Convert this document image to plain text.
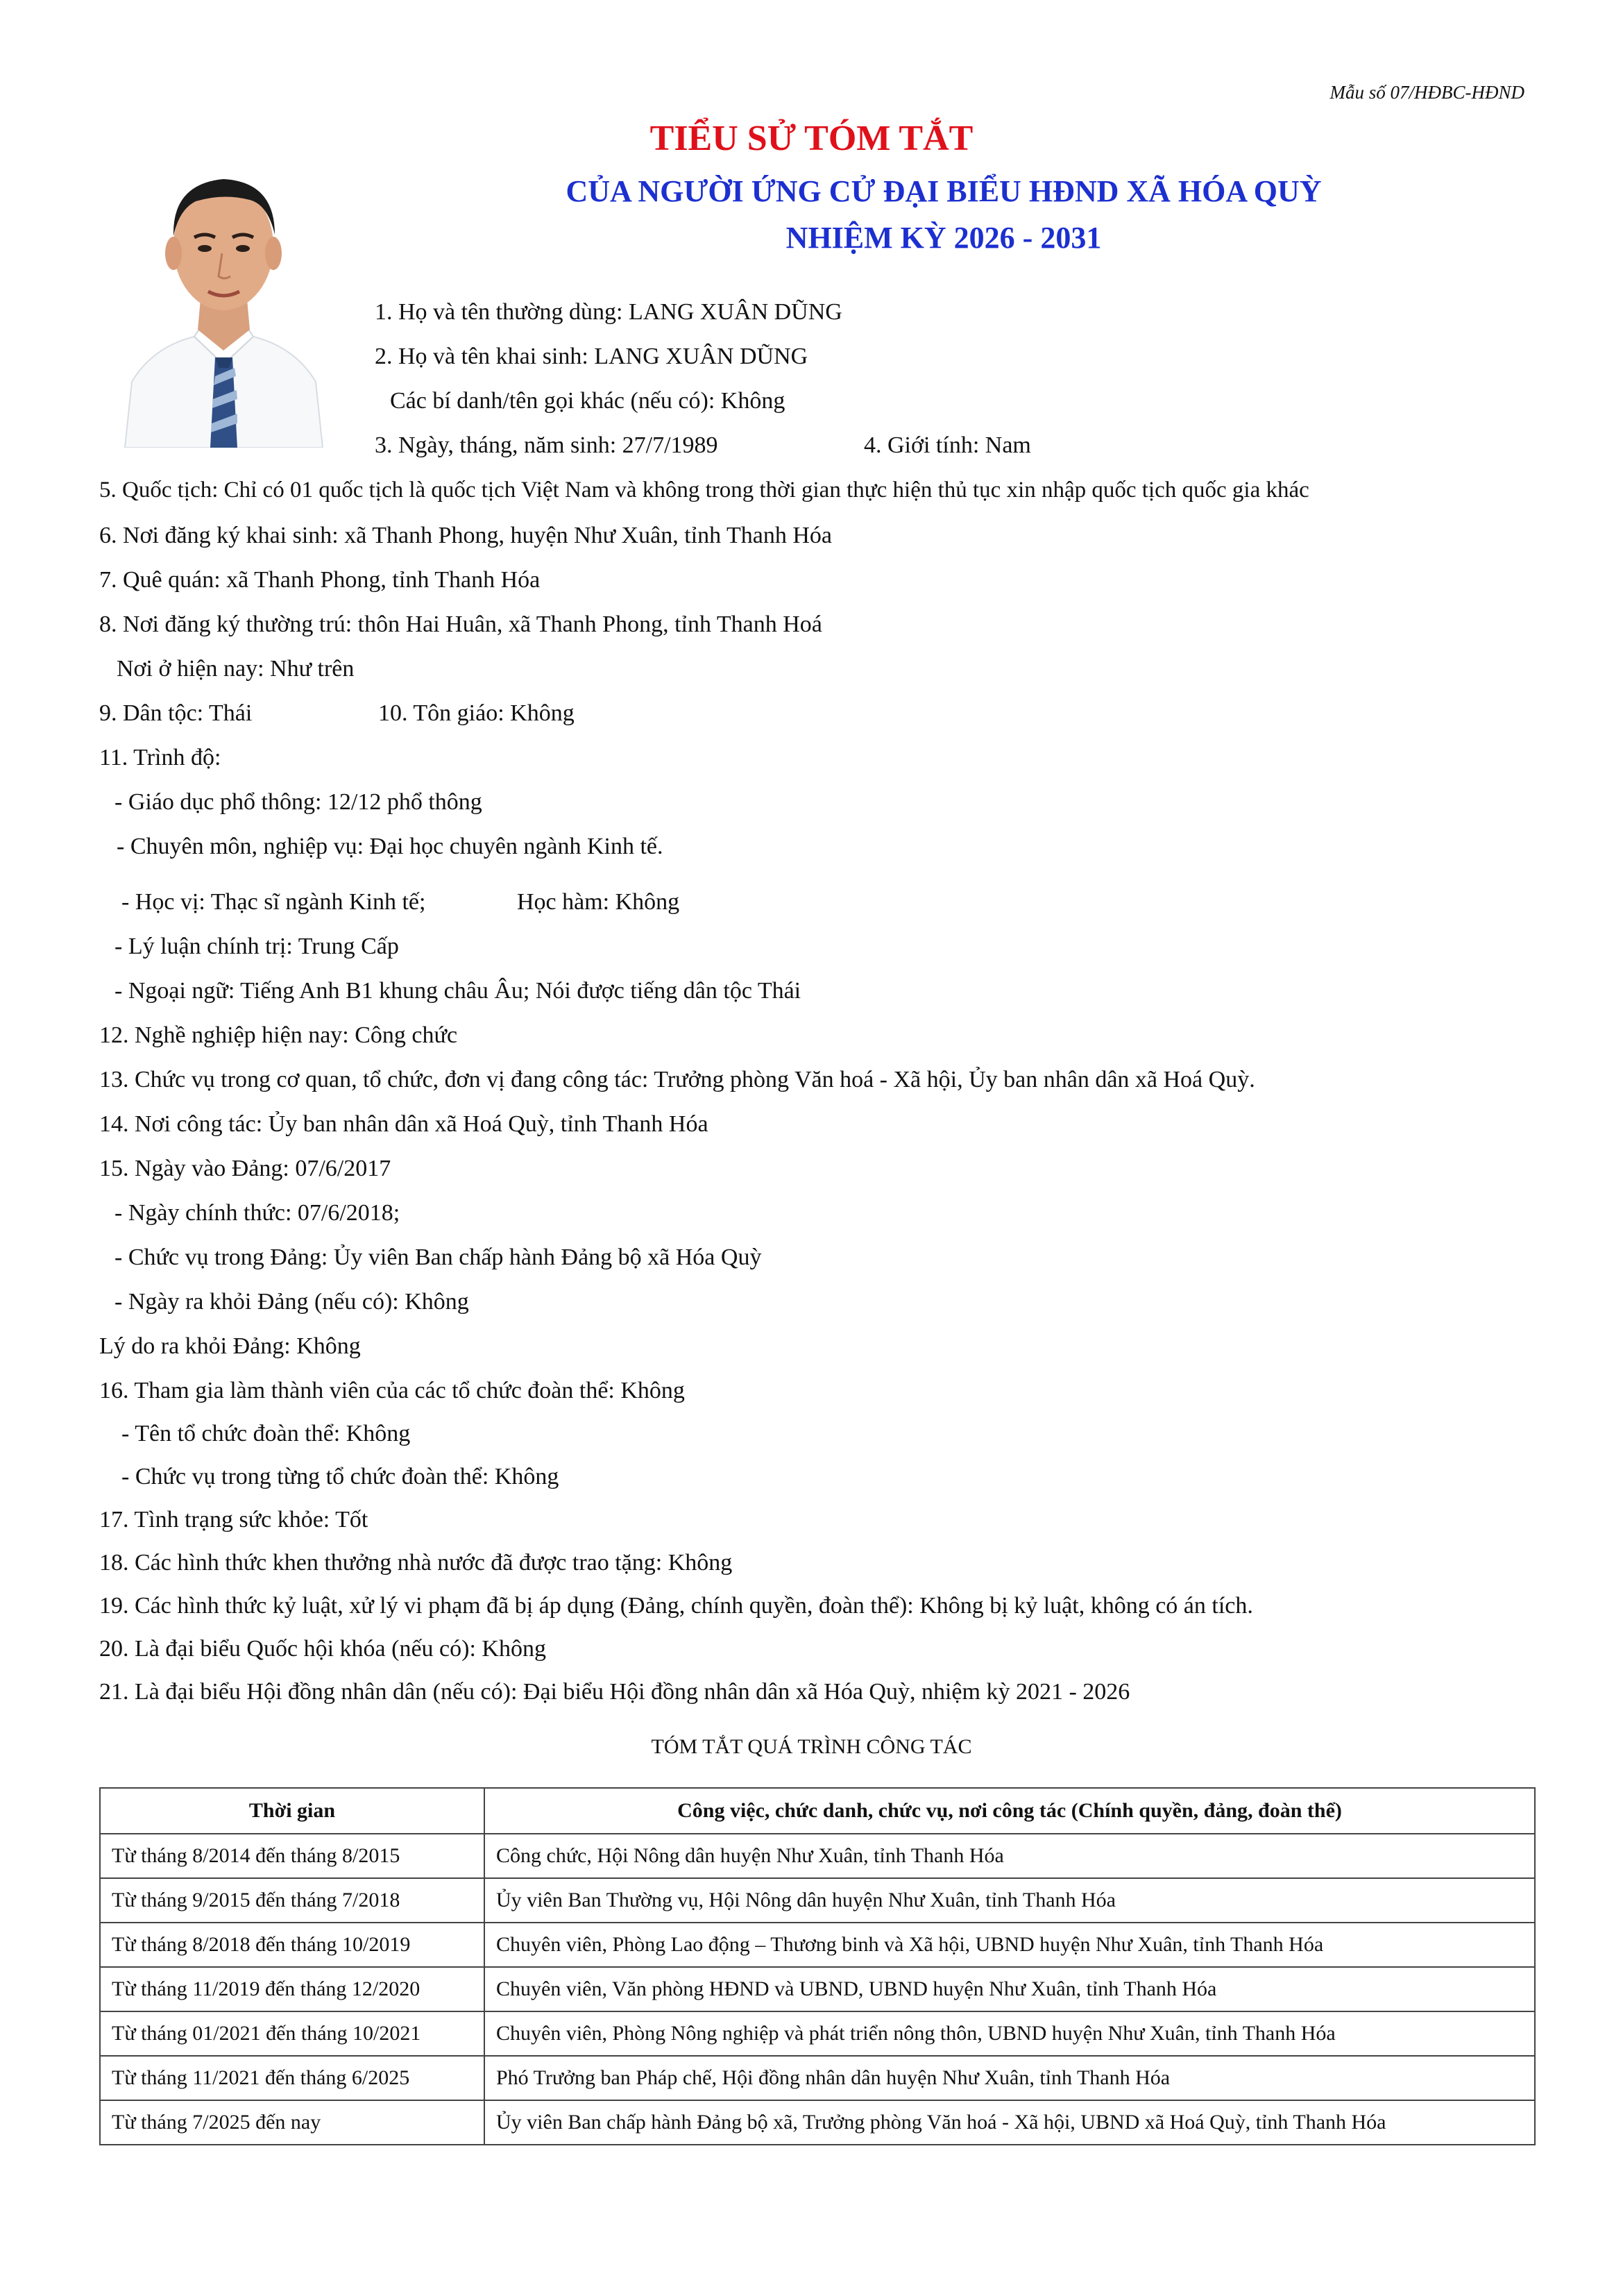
Mẫu số 07/HĐBC-HĐND
TIỂU SỬ TÓM TẮT
CỦA NGƯỜI ỨNG CỬ ĐẠI BIỂU HĐND XÃ HÓA QUỲ
NHIỆM KỲ 2026 - 2031
1. Họ và tên thường dùng: LANG XUÂN DŨNG
2. Họ và tên khai sinh: LANG XUÂN DŨNG
Các bí danh/tên gọi khác (nếu có): Không
3. Ngày, tháng, năm sinh: 27/7/1989	4. Giới tính: Nam
5. Quốc tịch: Chỉ có 01 quốc tịch là quốc tịch Việt Nam và không trong thời gian thực hiện thủ tục xin nhập quốc tịch quốc gia khác
6. Nơi đăng ký khai sinh: xã Thanh Phong, huyện Như Xuân, tỉnh Thanh Hóa
7. Quê quán: xã Thanh Phong, tỉnh Thanh Hóa
8. Nơi đăng ký thường trú: thôn Hai Huân, xã Thanh Phong, tỉnh Thanh Hoá
Nơi ở hiện nay: Như trên
9. Dân tộc: Thái	10. Tôn giáo: Không
11. Trình độ:
- Giáo dục phổ thông: 12/12 phổ thông
- Chuyên môn, nghiệp vụ: Đại học chuyên ngành Kinh tế.
- Học vị: Thạc sĩ ngành Kinh tế;	Học hàm: Không
- Lý luận chính trị: Trung Cấp
- Ngoại ngữ: Tiếng Anh B1 khung châu Âu; Nói được tiếng dân tộc Thái
12. Nghề nghiệp hiện nay: Công chức
13. Chức vụ trong cơ quan, tổ chức, đơn vị đang công tác: Trưởng phòng Văn hoá - Xã hội, Ủy ban nhân dân xã Hoá Quỳ.
14. Nơi công tác: Ủy ban nhân dân xã Hoá Quỳ, tỉnh Thanh Hóa
15. Ngày vào Đảng: 07/6/2017
- Ngày chính thức: 07/6/2018;
- Chức vụ trong Đảng: Ủy viên Ban chấp hành Đảng bộ xã Hóa Quỳ
- Ngày ra khỏi Đảng (nếu có): Không
Lý do ra khỏi Đảng: Không
16. Tham gia làm thành viên của các tổ chức đoàn thể: Không
- Tên tổ chức đoàn thể: Không
- Chức vụ trong từng tổ chức đoàn thể: Không
17. Tình trạng sức khỏe: Tốt
18. Các hình thức khen thưởng nhà nước đã được trao tặng: Không
19. Các hình thức kỷ luật, xử lý vi phạm đã bị áp dụng (Đảng, chính quyền, đoàn thể): Không bị kỷ luật, không có án tích.
20. Là đại biểu Quốc hội khóa (nếu có): Không
21. Là đại biểu Hội đồng nhân dân (nếu có): Đại biểu Hội đồng nhân dân xã Hóa Quỳ, nhiệm kỳ 2021 - 2026
TÓM TẮT QUÁ TRÌNH CÔNG TÁC
Thời gian	Công việc, chức danh, chức vụ, nơi công tác (Chính quyền, đảng, đoàn thể)
Từ tháng 8/2014 đến tháng 8/2015	Công chức, Hội Nông dân huyện Như Xuân, tỉnh Thanh Hóa
Từ tháng 9/2015 đến tháng 7/2018	Ủy viên Ban Thường vụ, Hội Nông dân huyện Như Xuân, tỉnh Thanh Hóa
Từ tháng 8/2018 đến tháng 10/2019	Chuyên viên, Phòng Lao động – Thương binh và Xã hội, UBND huyện Như Xuân, tỉnh Thanh Hóa
Từ tháng 11/2019 đến tháng 12/2020	Chuyên viên, Văn phòng HĐND và UBND, UBND huyện Như Xuân, tỉnh Thanh Hóa
Từ tháng 01/2021 đến tháng 10/2021	Chuyên viên, Phòng Nông nghiệp và phát triển nông thôn, UBND huyện Như Xuân, tỉnh Thanh Hóa
Từ tháng 11/2021 đến tháng 6/2025	Phó Trưởng ban Pháp chế, Hội đồng nhân dân huyện Như Xuân, tỉnh Thanh Hóa
Từ tháng 7/2025 đến nay	Ủy viên Ban chấp hành Đảng bộ xã, Trưởng phòng Văn hoá - Xã hội, UBND xã Hoá Quỳ, tỉnh Thanh Hóa
